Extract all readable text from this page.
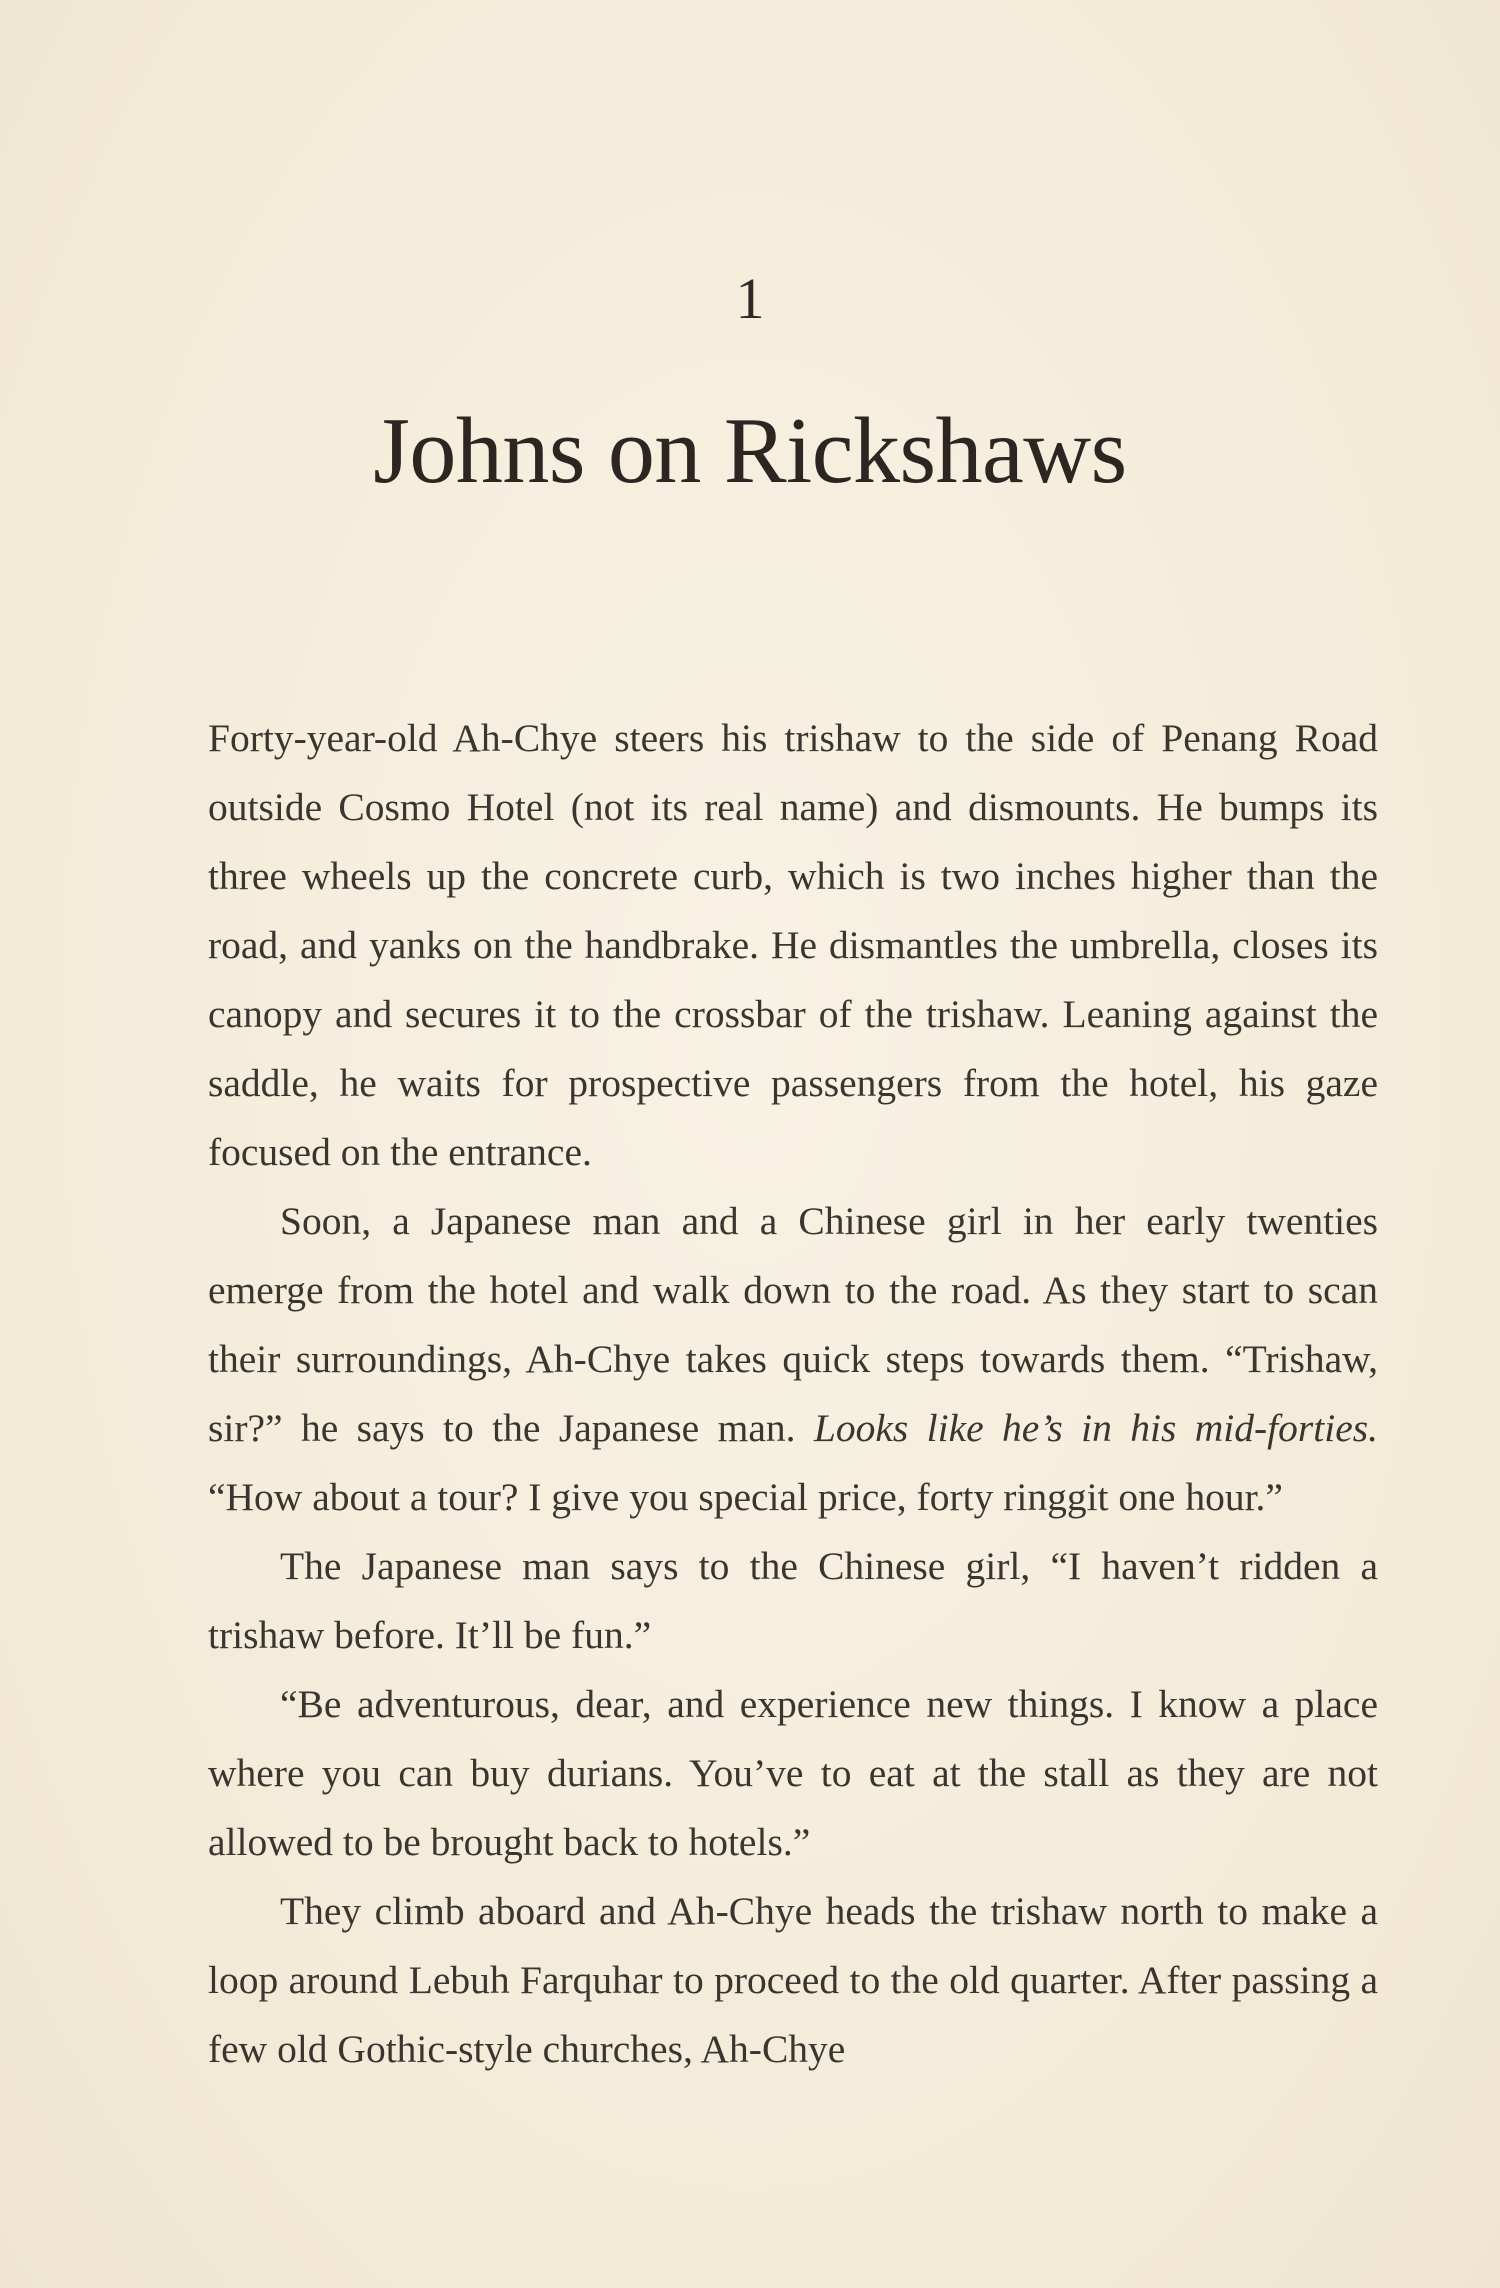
1
Johns on Rickshaws

Forty-year-old Ah-Chye steers his trishaw to the side of Penang Road outside Cosmo Hotel (not its real name) and dismounts. He bumps its three wheels up the concrete curb, which is two inches higher than the road, and yanks on the handbrake. He dismantles the umbrella, closes its canopy and secures it to the crossbar of the trishaw. Leaning against the saddle, he waits for prospective passengers from the hotel, his gaze focused on the entrance.

Soon, a Japanese man and a Chinese girl in her early twenties emerge from the hotel and walk down to the road. As they start to scan their surroundings, Ah-Chye takes quick steps towards them. “Trishaw, sir?” he says to the Japanese man. Looks like he’s in his mid-forties. “How about a tour? I give you special price, forty ringgit one hour.”

The Japanese man says to the Chinese girl, “I haven’t ridden a trishaw before. It’ll be fun.”

“Be adventurous, dear, and experience new things. I know a place where you can buy durians. You’ve to eat at the stall as they are not allowed to be brought back to hotels.”

They climb aboard and Ah-Chye heads the trishaw north to make a loop around Lebuh Farquhar to proceed to the old quarter. After passing a few old Gothic-style churches, Ah-Chye
